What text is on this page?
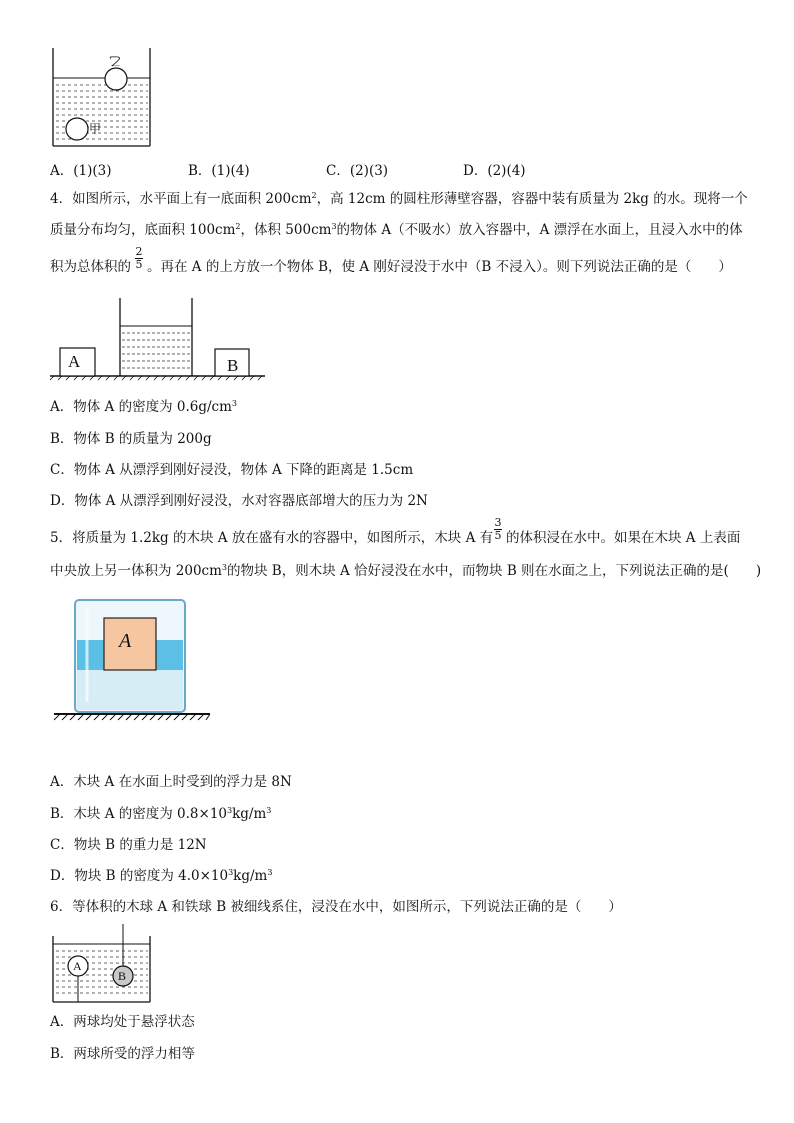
乙
甲
A．(1)(3)	B．(1)(4)	C．(2)(3)	D．(2)(4)
4．如图所示，水平面上有一底面积 $200cm^2$，高 12cm 的圆柱形薄壁容器，容器中装有质量为 2kg 的水。现将一个
质量分布均匀，底面积 $100cm^2$，体积 $500cm^3$的物体 A（不吸水）放入容器中，A 漂浮在水面上，且浸入水中的体
积为总体积的
2
5 。再在 A 的上方放一个物体 B，使 A 刚好浸没于水中（B 不浸入）。则下列说法正确的是（　　）
A	B
A．物体 A 的密度为 $0.6g/cm^3$
B．物体 B 的质量为 200g
C．物体 A 从漂浮到刚好浸没，物体 A 下降的距离是 1.5cm
D．物体 A 从漂浮到刚好浸没，水对容器底部增大的压力为 2N
5．将质量为 1.2kg 的木块 A 放在盛有水的容器中，如图所示，木块 A 有
3
5 的体积浸在水中。如果在木块 A 上表面
中央放上另一体积为 $200cm^3$的物块 B，则木块 A 恰好浸没在水中，而物块 B 则在水面之上，下列说法正确的是(　　)
A
A．木块 A 在水面上时受到的浮力是 8N
B．木块 A 的密度为 $0.8\times 10^3kg/m^3$
C．物块 B 的重力是 12N
D．物块 B 的密度为 $4.0\times 10^3kg/m^3$
6．等体积的木球 A 和铁球 B 被细线系住，浸没在水中，如图所示，下列说法正确的是（　　）
A
B
A．两球均处于悬浮状态
B．两球所受的浮力相等
